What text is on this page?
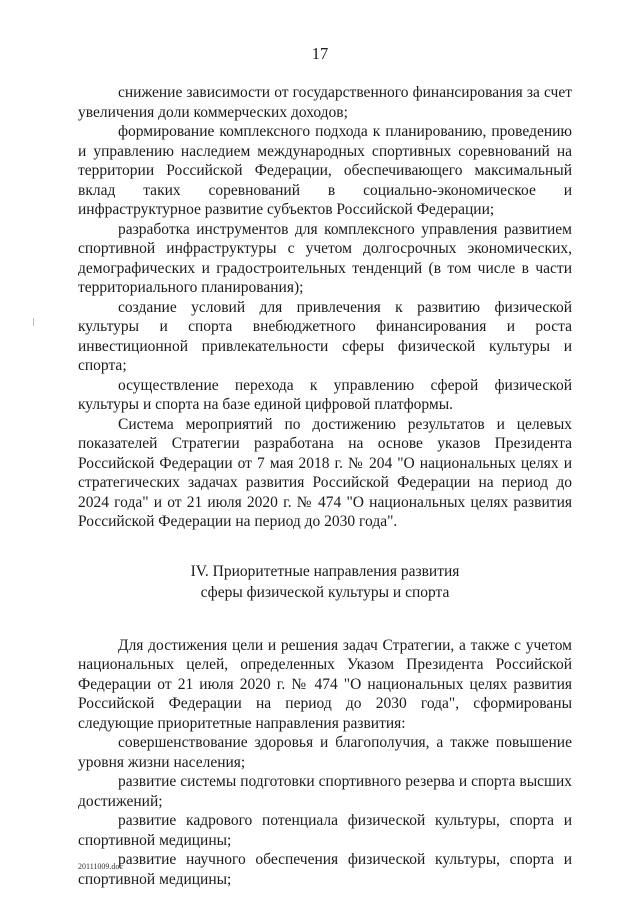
17

снижение зависимости от государственного финансирования за счет увеличения доли коммерческих доходов;

формирование комплексного подхода к планированию, проведению и управлению наследием международных спортивных соревнований на территории Российской Федерации, обеспечивающего максимальный вклад таких соревнований в социально-экономическое и инфраструктурное развитие субъектов Российской Федерации;

разработка инструментов для комплексного управления развитием спортивной инфраструктуры с учетом долгосрочных экономических, демографических и градостроительных тенденций (в том числе в части территориального планирования);

создание условий для привлечения к развитию физической культуры и спорта внебюджетного финансирования и роста инвестиционной привлекательности сферы физической культуры и спорта;

осуществление перехода к управлению сферой физической культуры и спорта на базе единой цифровой платформы.

Система мероприятий по достижению результатов и целевых показателей Стратегии разработана на основе указов Президента Российской Федерации от 7 мая 2018 г. № 204 "О национальных целях и стратегических задачах развития Российской Федерации на период до 2024 года" и от 21 июля 2020 г. № 474 "О национальных целях развития Российской Федерации на период до 2030 года".

IV. Приоритетные направления развития
сферы физической культуры и спорта

Для достижения цели и решения задач Стратегии, а также с учетом национальных целей, определенных Указом Президента Российской Федерации от 21 июля 2020 г. № 474 "О национальных целях развития Российской Федерации на период до 2030 года", сформированы следующие приоритетные направления развития:

совершенствование здоровья и благополучия, а также повышение уровня жизни населения;

развитие системы подготовки спортивного резерва и спорта высших достижений;

развитие кадрового потенциала физической культуры, спорта и спортивной медицины;

развитие научного обеспечения физической культуры, спорта и спортивной медицины;

20111009.doc
